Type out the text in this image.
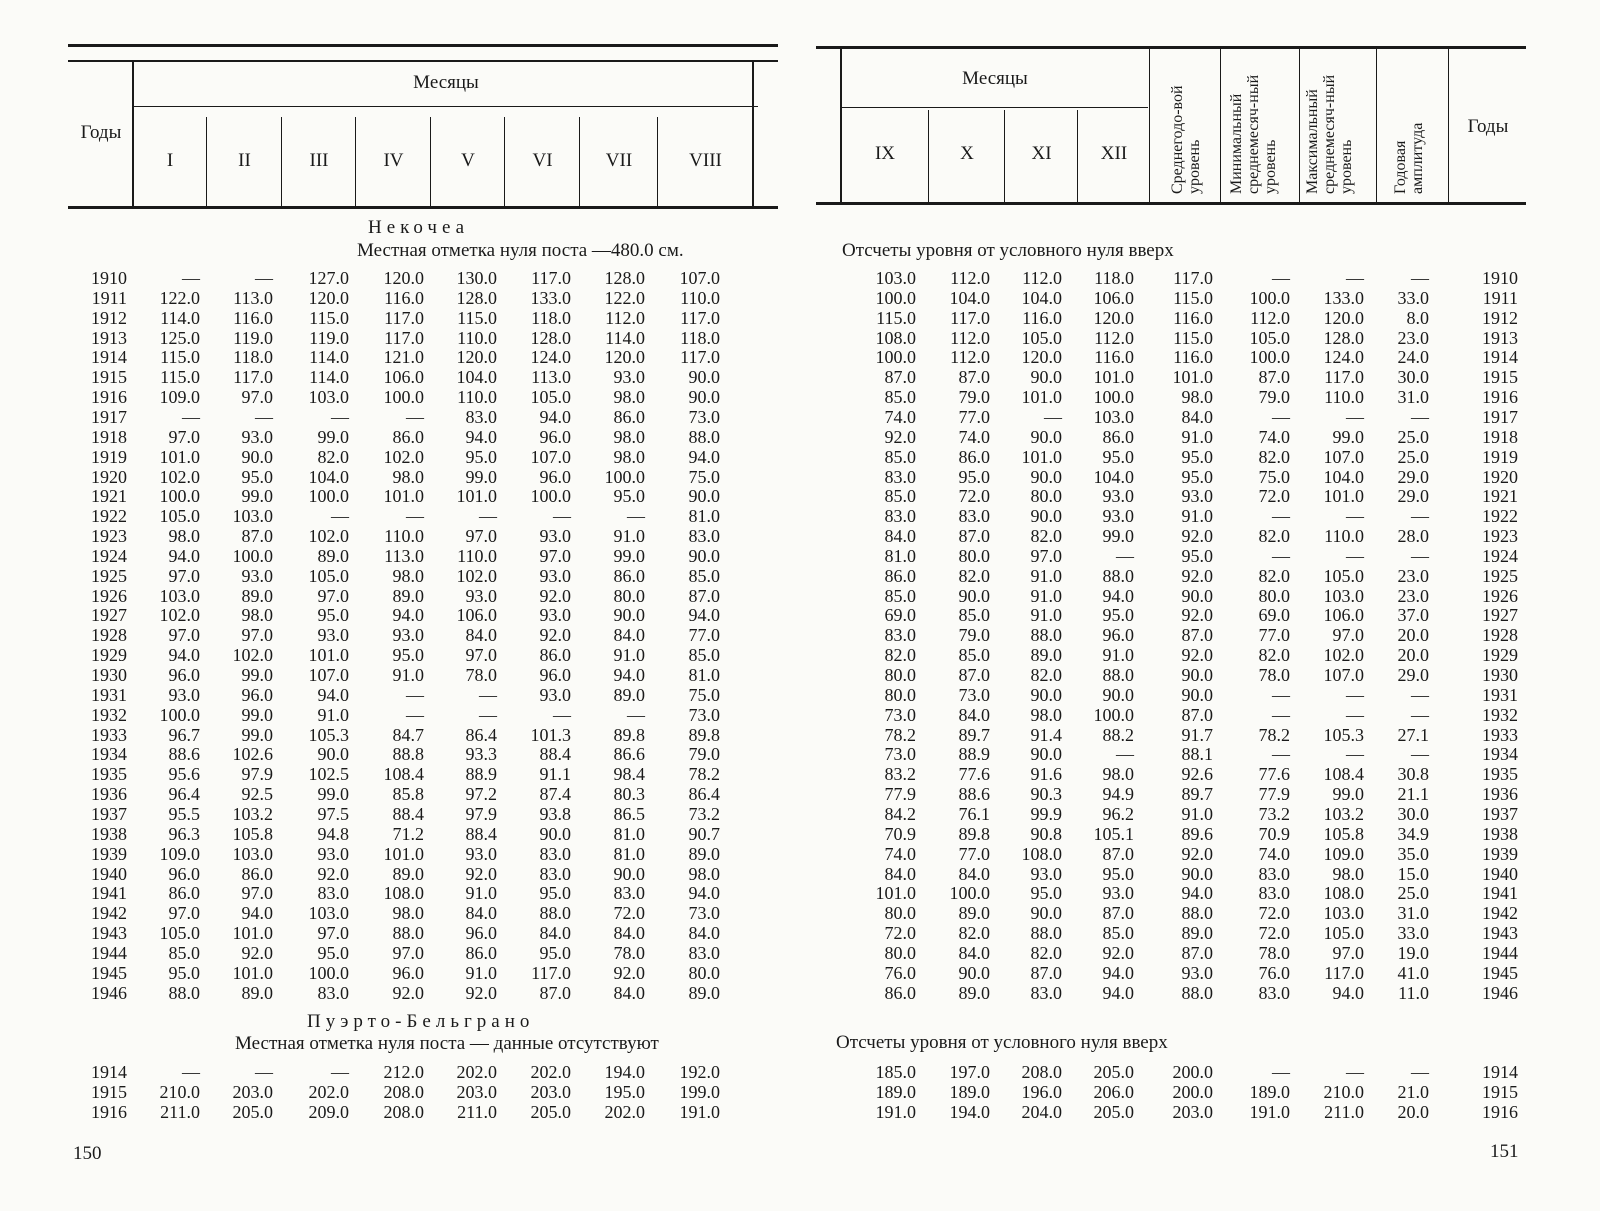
Годы
Месяцы
I	II	III	IV	V	VI	VII	VIII
Некочеа
Местная отметка нуля поста —480.0 см.
Пуэрто-Бельграно
Местная отметка нуля поста — данные отсутствуют
1910	—	—	127.0	120.0	130.0	117.0	128.0	107.0
1911	122.0	113.0	120.0	116.0	128.0	133.0	122.0	110.0
1912	114.0	116.0	115.0	117.0	115.0	118.0	112.0	117.0
1913	125.0	119.0	119.0	117.0	110.0	128.0	114.0	118.0
1914	115.0	118.0	114.0	121.0	120.0	124.0	120.0	117.0
1915	115.0	117.0	114.0	106.0	104.0	113.0	93.0	90.0
1916	109.0	97.0	103.0	100.0	110.0	105.0	98.0	90.0
1917	—	—	—	—	83.0	94.0	86.0	73.0
1918	97.0	93.0	99.0	86.0	94.0	96.0	98.0	88.0
1919	101.0	90.0	82.0	102.0	95.0	107.0	98.0	94.0
1920	102.0	95.0	104.0	98.0	99.0	96.0	100.0	75.0
1921	100.0	99.0	100.0	101.0	101.0	100.0	95.0	90.0
1922	105.0	103.0	—	—	—	—	—	81.0
1923	98.0	87.0	102.0	110.0	97.0	93.0	91.0	83.0
1924	94.0	100.0	89.0	113.0	110.0	97.0	99.0	90.0
1925	97.0	93.0	105.0	98.0	102.0	93.0	86.0	85.0
1926	103.0	89.0	97.0	89.0	93.0	92.0	80.0	87.0
1927	102.0	98.0	95.0	94.0	106.0	93.0	90.0	94.0
1928	97.0	97.0	93.0	93.0	84.0	92.0	84.0	77.0
1929	94.0	102.0	101.0	95.0	97.0	86.0	91.0	85.0
1930	96.0	99.0	107.0	91.0	78.0	96.0	94.0	81.0
1931	93.0	96.0	94.0	—	—	93.0	89.0	75.0
1932	100.0	99.0	91.0	—	—	—	—	73.0
1933	96.7	99.0	105.3	84.7	86.4	101.3	89.8	89.8
1934	88.6	102.6	90.0	88.8	93.3	88.4	86.6	79.0
1935	95.6	97.9	102.5	108.4	88.9	91.1	98.4	78.2
1936	96.4	92.5	99.0	85.8	97.2	87.4	80.3	86.4
1937	95.5	103.2	97.5	88.4	97.9	93.8	86.5	73.2
1938	96.3	105.8	94.8	71.2	88.4	90.0	81.0	90.7
1939	109.0	103.0	93.0	101.0	93.0	83.0	81.0	89.0
1940	96.0	86.0	92.0	89.0	92.0	83.0	90.0	98.0
1941	86.0	97.0	83.0	108.0	91.0	95.0	83.0	94.0
1942	97.0	94.0	103.0	98.0	84.0	88.0	72.0	73.0
1943	105.0	101.0	97.0	88.0	96.0	84.0	84.0	84.0
1944	85.0	92.0	95.0	97.0	86.0	95.0	78.0	83.0
1945	95.0	101.0	100.0	96.0	91.0	117.0	92.0	80.0
1946	88.0	89.0	83.0	92.0	92.0	87.0	84.0	89.0
1914	—	—	—	212.0	202.0	202.0	194.0	192.0
1915	210.0	203.0	202.0	208.0	203.0	203.0	195.0	199.0
1916	211.0	205.0	209.0	208.0	211.0	205.0	202.0	191.0
150
Месяцы
IX	X	XI	XII	Среднегодо-вой уровень Минимальный среднемесяч-ный уровень Максимальный среднемесяч-ный уровень Годовая амплитуда	Годы
Отсчеты уровня от условного нуля вверх
Отсчеты уровня от условного нуля вверх
103.0	112.0	112.0	118.0	117.0	—	—	—	1910
100.0	104.0	104.0	106.0	115.0	100.0	133.0	33.0	1911
115.0	117.0	116.0	120.0	116.0	112.0	120.0	8.0	1912
108.0	112.0	105.0	112.0	115.0	105.0	128.0	23.0	1913
100.0	112.0	120.0	116.0	116.0	100.0	124.0	24.0	1914
87.0	87.0	90.0	101.0	101.0	87.0	117.0	30.0	1915
85.0	79.0	101.0	100.0	98.0	79.0	110.0	31.0	1916
74.0	77.0	—	103.0	84.0	—	—	—	1917
92.0	74.0	90.0	86.0	91.0	74.0	99.0	25.0	1918
85.0	86.0	101.0	95.0	95.0	82.0	107.0	25.0	1919
83.0	95.0	90.0	104.0	95.0	75.0	104.0	29.0	1920
85.0	72.0	80.0	93.0	93.0	72.0	101.0	29.0	1921
83.0	83.0	90.0	93.0	91.0	—	—	—	1922
84.0	87.0	82.0	99.0	92.0	82.0	110.0	28.0	1923
81.0	80.0	97.0	—	95.0	—	—	—	1924
86.0	82.0	91.0	88.0	92.0	82.0	105.0	23.0	1925
85.0	90.0	91.0	94.0	90.0	80.0	103.0	23.0	1926
69.0	85.0	91.0	95.0	92.0	69.0	106.0	37.0	1927
83.0	79.0	88.0	96.0	87.0	77.0	97.0	20.0	1928
82.0	85.0	89.0	91.0	92.0	82.0	102.0	20.0	1929
80.0	87.0	82.0	88.0	90.0	78.0	107.0	29.0	1930
80.0	73.0	90.0	90.0	90.0	—	—	—	1931
73.0	84.0	98.0	100.0	87.0	—	—	—	1932
78.2	89.7	91.4	88.2	91.7	78.2	105.3	27.1	1933
73.0	88.9	90.0	—	88.1	—	—	—	1934
83.2	77.6	91.6	98.0	92.6	77.6	108.4	30.8	1935
77.9	88.6	90.3	94.9	89.7	77.9	99.0	21.1	1936
84.2	76.1	99.9	96.2	91.0	73.2	103.2	30.0	1937
70.9	89.8	90.8	105.1	89.6	70.9	105.8	34.9	1938
74.0	77.0	108.0	87.0	92.0	74.0	109.0	35.0	1939
84.0	84.0	93.0	95.0	90.0	83.0	98.0	15.0	1940
101.0	100.0	95.0	93.0	94.0	83.0	108.0	25.0	1941
80.0	89.0	90.0	87.0	88.0	72.0	103.0	31.0	1942
72.0	82.0	88.0	85.0	89.0	72.0	105.0	33.0	1943
80.0	84.0	82.0	92.0	87.0	78.0	97.0	19.0	1944
76.0	90.0	87.0	94.0	93.0	76.0	117.0	41.0	1945
86.0	89.0	83.0	94.0	88.0	83.0	94.0	11.0	1946
185.0	197.0	208.0	205.0	200.0	—	—	—	1914
189.0	189.0	196.0	206.0	200.0	189.0	210.0	21.0	1915
191.0	194.0	204.0	205.0	203.0	191.0	211.0	20.0	1916
151
